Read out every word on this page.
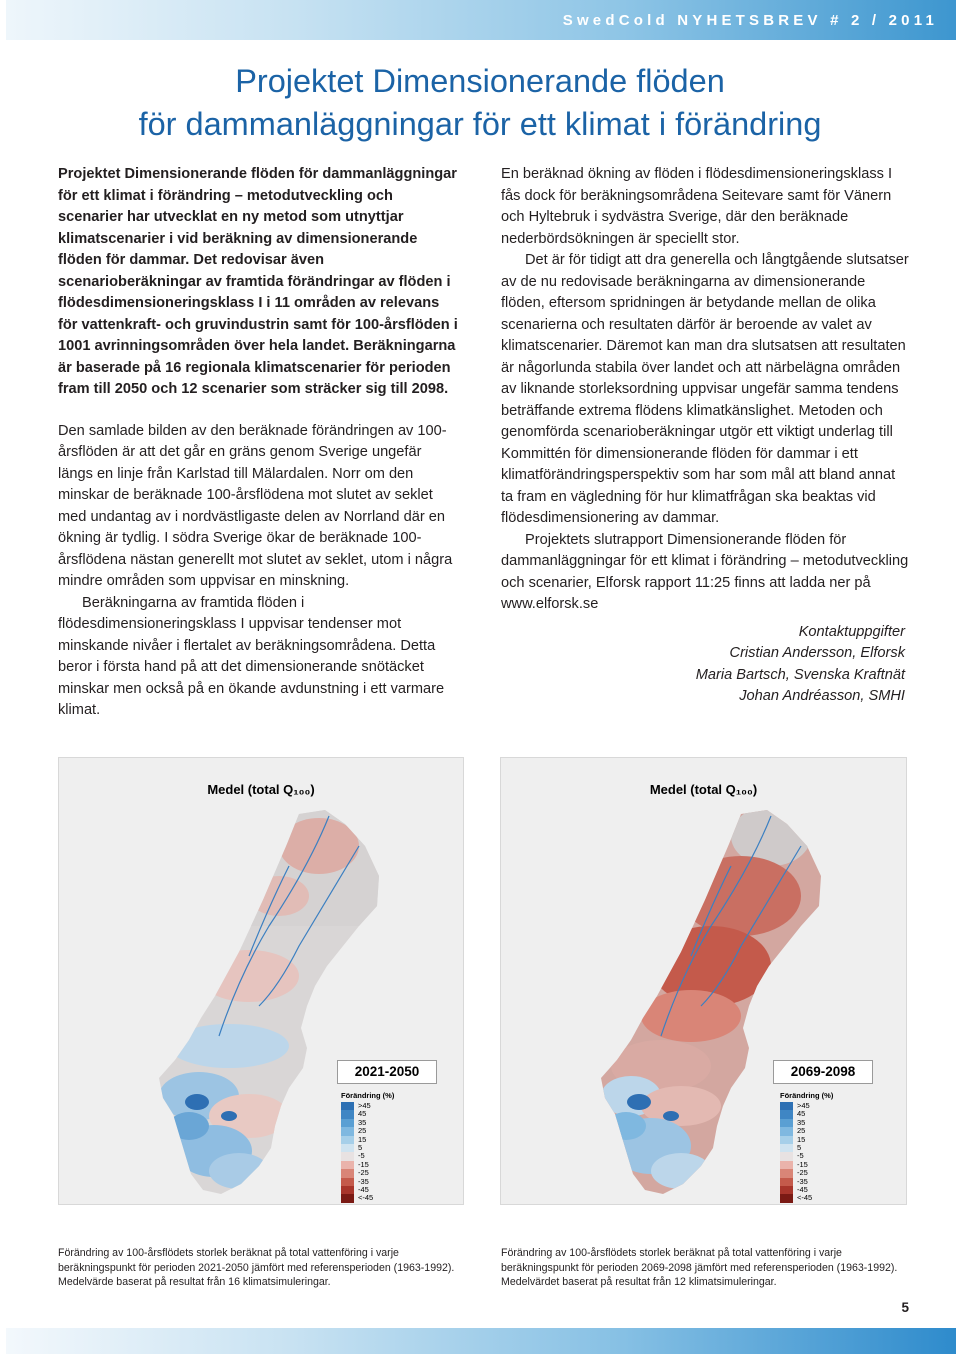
SwedCold NYHETSBREV # 2 / 2011
Projektet Dimensionerande flöden
för dammanläggningar för ett klimat i förändring

Projektet Dimensionerande flöden för dammanläggningar för ett klimat i förändring – metodutveckling och scenarier har utvecklat en ny metod som utnyttjar klimatscenarier i vid beräkning av dimensionerande flöden för dammar. Det redovisar även scenarioberäkningar av framtida förändringar av flöden i flödesdimensioneringsklass I i 11 områden av relevans för vattenkraft- och gruvindustrin samt för 100-årsflöden i 1001 avrinningsområden över hela landet. Beräkningarna är baserade på 16 regionala klimatscenarier för perioden fram till 2050 och 12 scenarier som sträcker sig till 2098.

Den samlade bilden av den beräknade förändringen av 100-årsflöden är att det går en gräns genom Sverige ungefär längs en linje från Karlstad till Mälardalen. Norr om den minskar de beräknade 100-årsflödena mot slutet av seklet med undantag av i nordvästligaste delen av Norrland där en ökning är tydlig. I södra Sverige ökar de beräknade 100-årsflödena nästan generellt mot slutet av seklet, utom i några mindre områden som uppvisar en minskning.

Beräkningarna av framtida flöden i flödesdimensioneringsklass I uppvisar tendenser mot minskande nivåer i flertalet av beräkningsområdena. Detta beror i första hand på att det dimensionerande snötäcket minskar men också på en ökande avdunstning i ett varmare klimat.

En beräknad ökning av flöden i flödesdimensioneringsklass I fås dock för beräkningsområdena Seitevare samt för Vänern och Hyltebruk i sydvästra Sverige, där den beräknade nederbördsökningen är speciellt stor.

Det är för tidigt att dra generella och långtgående slutsatser av de nu redovisade beräkningarna av dimensionerande flöden, eftersom spridningen är betydande mellan de olika scenarierna och resultaten därför är beroende av valet av klimatscenarier. Däremot kan man dra slutsatsen att resultaten är någorlunda stabila över landet och att närbelägna områden av liknande storleksordning uppvisar ungefär samma tendens beträffande extrema flödens klimatkänslighet. Metoden och genomförda scenarioberäkningar utgör ett viktigt underlag till Kommittén för dimensionerande flöden för dammar i ett klimatförändringsperspektiv som har som mål att bland annat ta fram en vägledning för hur klimatfrågan ska beaktas vid flödesdimensionering av dammar.

Projektets slutrapport Dimensionerande flöden för dammanläggningar för ett klimat i förändring – metodutveckling och scenarier, Elforsk rapport 11:25 finns att ladda ner på www.elforsk.se

Kontaktuppgifter
Cristian Andersson, Elforsk
Maria Bartsch, Svenska Kraftnät
Johan Andréasson, SMHI
Medel (total Q₁₀₀)
2021-2050
Förändring (%)
>45
45
35
25
15
5
-5
-15
-25
-35
-45
<-45
Medel (total Q₁₀₀)
2069-2098
Förändring (%)
>45
45
35
25
15
5
-5
-15
-25
-35
-45
<-45

Förändring av 100-årsflödets storlek beräknat på total vattenföring i varje beräkningspunkt för perioden 2021-2050 jämfört med referensperioden (1963-1992). Medelvärde baserat på resultat från 16 klimatsimuleringar.

Förändring av 100-årsflödets storlek beräknat på total vattenföring i varje beräkningspunkt för perioden 2069-2098 jämfört med referensperioden (1963-1992). Medelvärdet baserat på resultat från 12 klimatsimuleringar.

5
